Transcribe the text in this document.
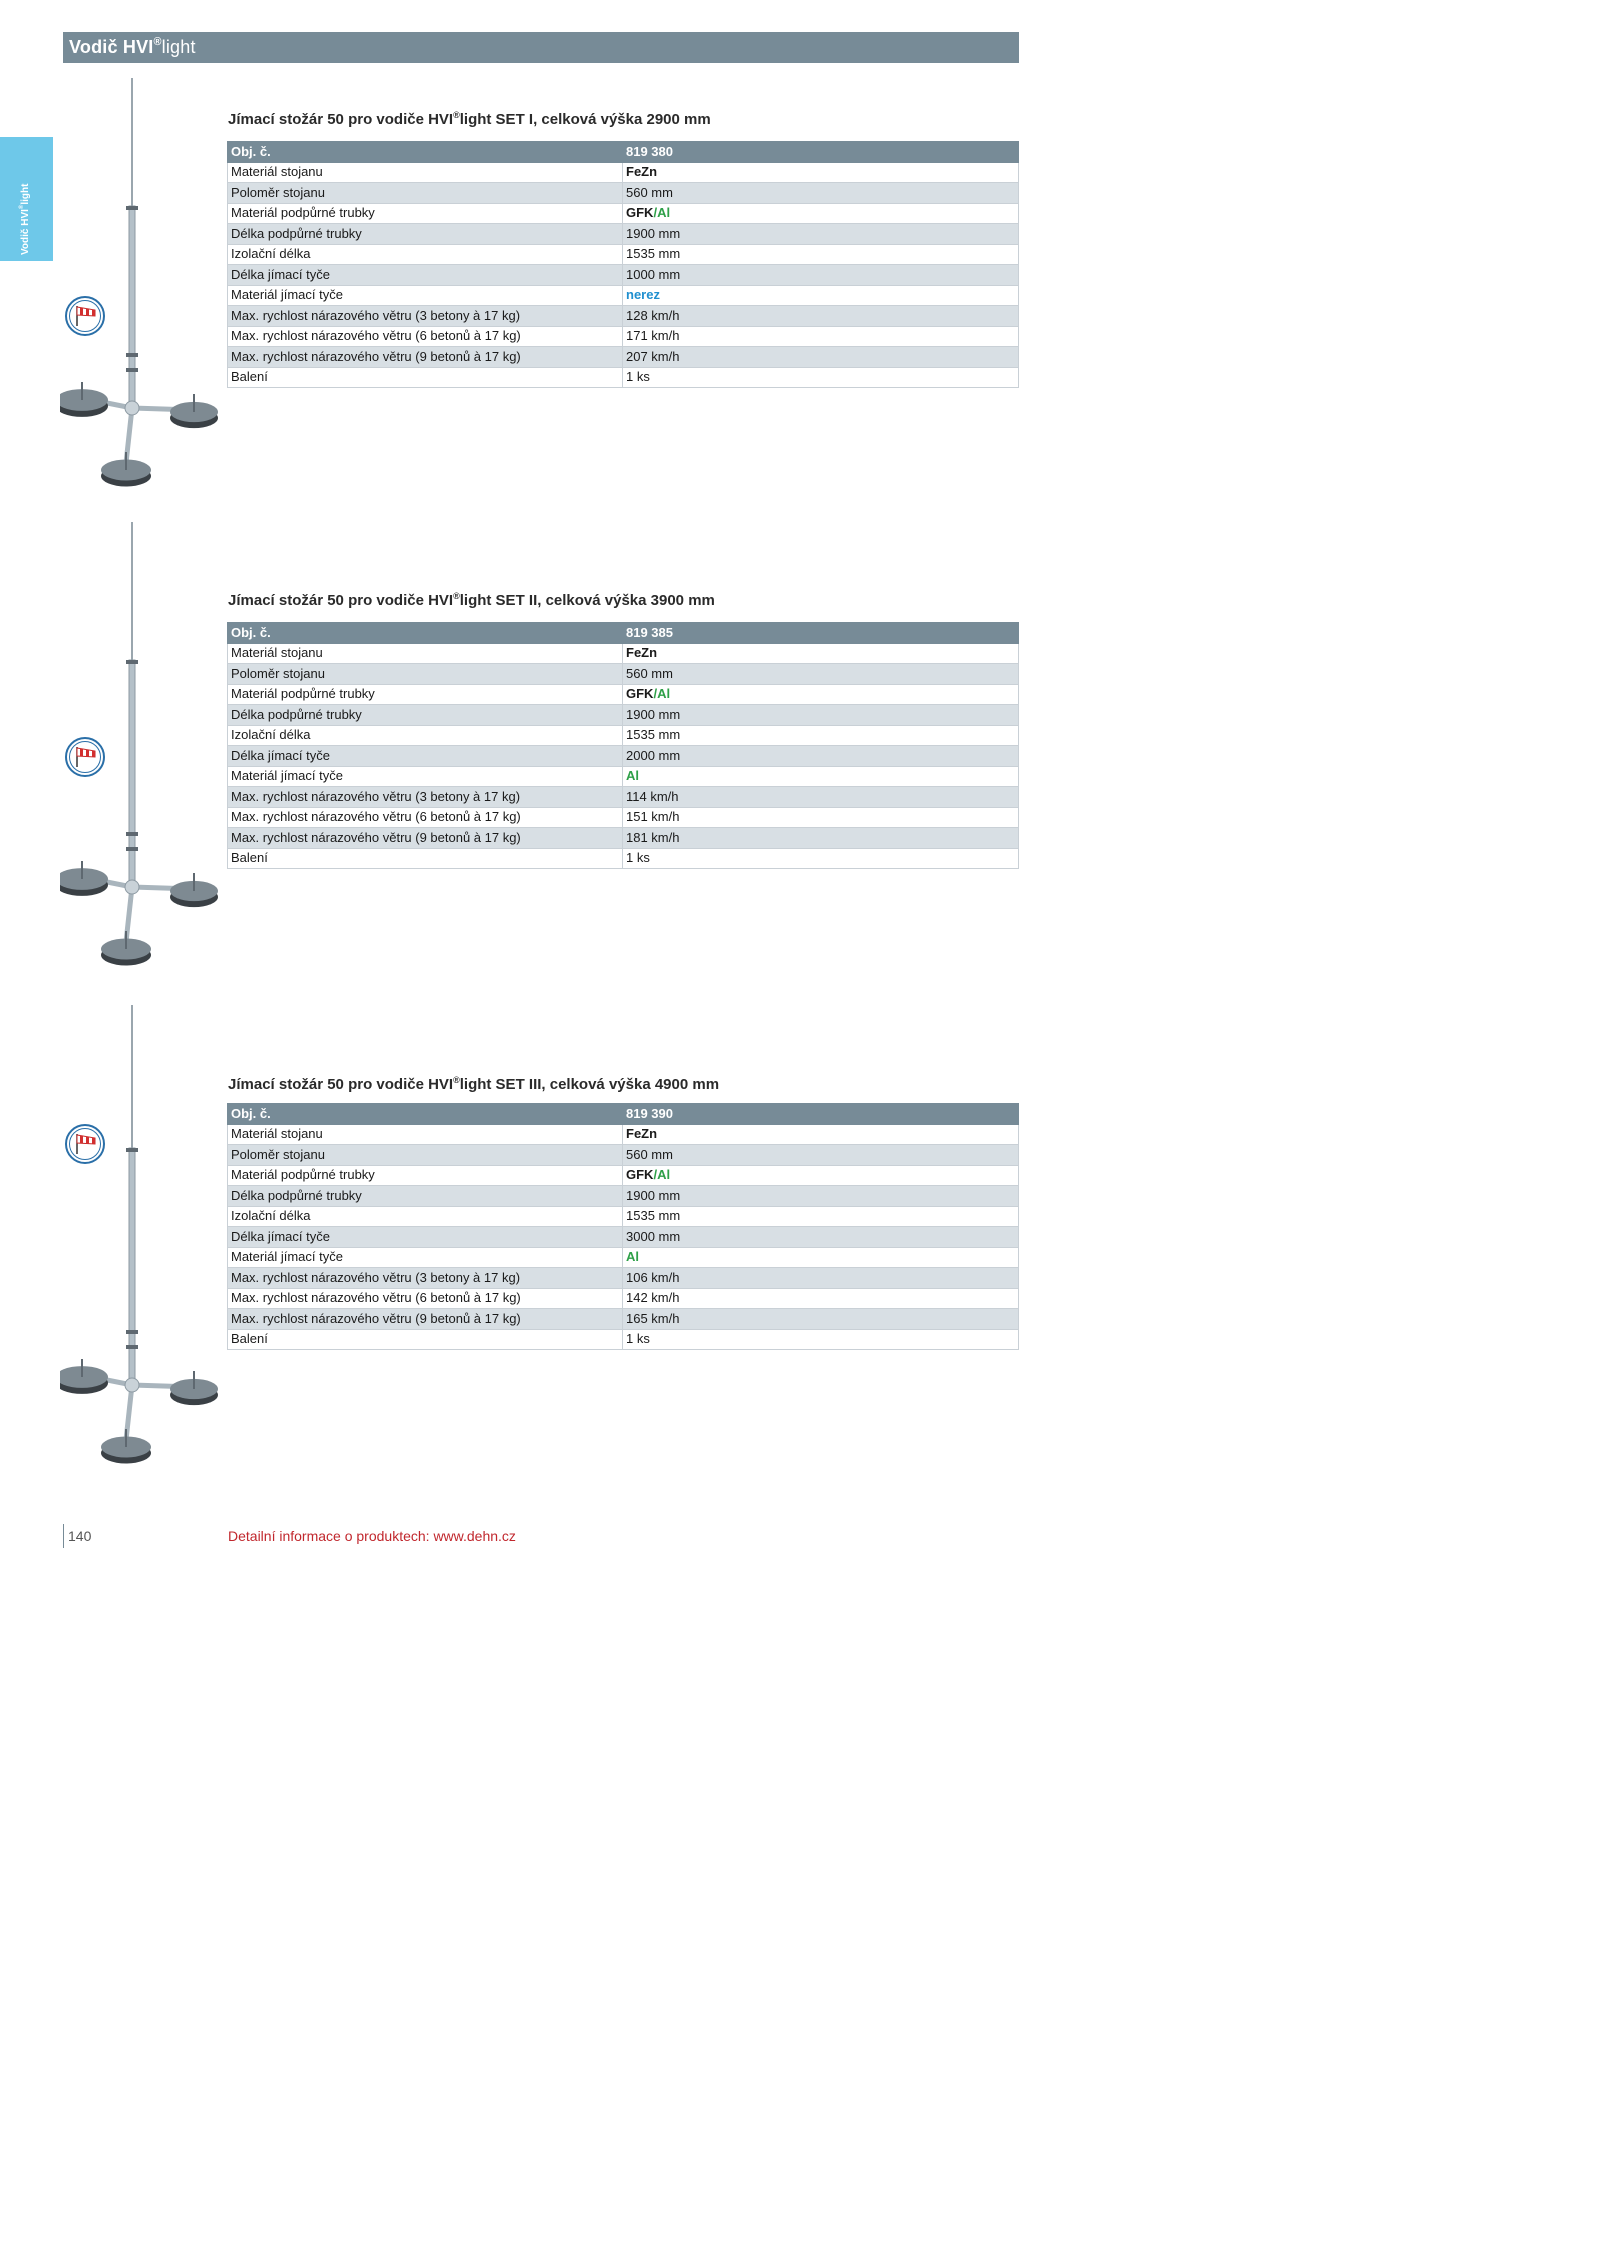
Vodič HVI®light
Vodič HVI®light
Jímací stožár 50 pro vodiče HVI®light SET I, celková výška 2900 mm
Obj. č.	819 380
Materiál stojanu	FeZn
Poloměr stojanu	560 mm
Materiál podpůrné trubky	GFK/Al
Délka podpůrné trubky	1900 mm
Izolační délka	1535 mm
Délka jímací tyče	1000 mm
Materiál jímací tyče	nerez
Max. rychlost nárazového větru (3 betony à 17 kg)	128 km/h
Max. rychlost nárazového větru (6 betonů à 17 kg)	171 km/h
Max. rychlost nárazového větru (9 betonů à 17 kg)	207 km/h
Balení	1 ks
Jímací stožár 50 pro vodiče HVI®light SET II, celková výška 3900 mm
Obj. č.	819 385
Materiál stojanu	FeZn
Poloměr stojanu	560 mm
Materiál podpůrné trubky	GFK/Al
Délka podpůrné trubky	1900 mm
Izolační délka	1535 mm
Délka jímací tyče	2000 mm
Materiál jímací tyče	Al
Max. rychlost nárazového větru (3 betony à 17 kg)	114 km/h
Max. rychlost nárazového větru (6 betonů à 17 kg)	151 km/h
Max. rychlost nárazového větru (9 betonů à 17 kg)	181 km/h
Balení	1 ks
Jímací stožár 50 pro vodiče HVI®light SET III, celková výška 4900 mm
Obj. č.	819 390
Materiál stojanu	FeZn
Poloměr stojanu	560 mm
Materiál podpůrné trubky	GFK/Al
Délka podpůrné trubky	1900 mm
Izolační délka	1535 mm
Délka jímací tyče	3000 mm
Materiál jímací tyče	Al
Max. rychlost nárazového větru (3 betony à 17 kg)	106 km/h
Max. rychlost nárazového větru (6 betonů à 17 kg)	142 km/h
Max. rychlost nárazového větru (9 betonů à 17 kg)	165 km/h
Balení	1 ks
140	Detailní informace o produktech: www.dehn.cz
